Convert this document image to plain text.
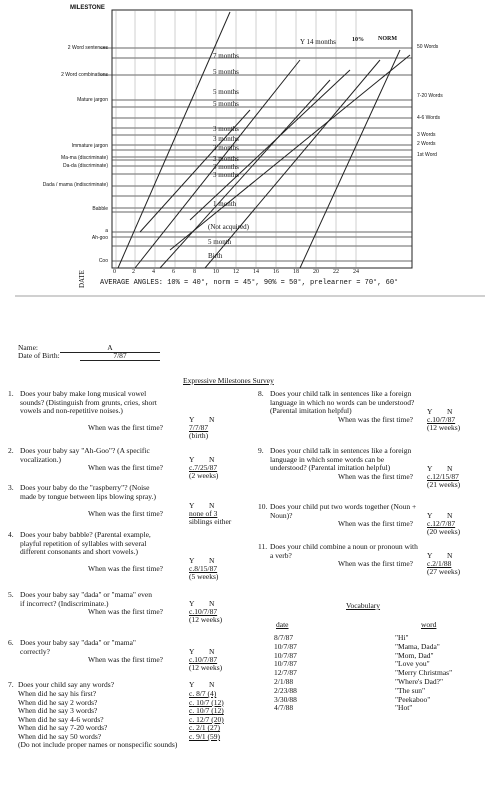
MILESTONE
2 Word sentences
2 Word combinations
Mature jargon
Immature jargon
Ma-ma (discriminate)
Da-da (discriminate)
Dada / mama (indiscriminate)
Babble
a
Ah-goo
Coo
50 Words
7-20 Words
4-6 Words
3 Words
2 Words
1st Word
7 months
5 months
5 months
5 months
3 months
3 months
3 months
3 months
3 months
3 months
1 month
(Not acquired)
5 month
Birth
Y 14 months	10% NORM
0	2	4	6	8	10 12 14 16 18 20 22 24
DATE AVERAGE ANGLES: 10% = 40°, norm = 45°, 90% = 50°, prelearner = 70°, 60°
Name:	A
Date of Birth:	7/87
Expressive Milestones Survey
1. Does your baby make long musical vowel sounds? (Distinguish from grunts, cries, short vowels and non-repetitive noises.)
Y N
When was the first time?	7/7/87
(birth)
2. Does your baby say "Ah-Goo"? (A specific vocalization.)	Y N
When was the first time?	c.7/25/87
(2 weeks)
3. Does your baby do the "raspberry"? (Noise made by tongue between lips blowing spray.)
Y N
When was the first time?	none of 3
siblings either
4. Does your baby babble? (Parental example, playful repetition of syllables with several different consonants and short vowels.)
Y N
When was the first time?	c.8/15/87
(5 weeks)
5. Does your baby say "dada" or "mama" even if incorrect? (Indiscriminate.)	Y N
When was the first time?	c.10/7/87
(12 weeks)
6. Does your baby say "dada" or "mama" correctly?	Y N
When was the first time?	c.10/7/87
(12 weeks)
8. Does your child talk in sentences like a foreign language in which no words can be understood? (Parental imitation helpful)	Y N
When was the first time? c.10/7/87
(12 weeks)
9. Does your child talk in sentences like a foreign language in which some words can be understood? (Parental imitation helpful)	Y N
When was the first time? c.12/15/87
(21 weeks)
10. Does your child put two words together (Noun + Noun)?	Y N
When was the first time? c.12/7/87
(20 weeks)
11. Does your child combine a noun or pronoun with a verb?	Y N
When was the first time? c.2/1/88
(27 weeks)
7. Does your child say any words?	Y N
When did he say his first?	c. 8/7 (4)
When did he say 2 words?	c. 10/7 (12)
When did he say 3 words?	c. 10/7 (12)
When did he say 4-6 words?	c. 12/7 (20)
When did he say 7-20 words?	c. 2/1 (27)
When did he say 50 words?	c. 9/1 (59)
(Do not include proper names or nonspecific sounds)
Vocabulary
date	word
8/7/87	"Hi"
10/7/87	"Mama, Dada"
10/7/87	"Mom, Dad"
10/7/87	"Love you"
12/7/87	"Merry Christmas"
2/1/88	"Where's Dad?"
2/23/88	"The sun"
3/30/88	"Peekaboo"
4/7/88	"Hot"
